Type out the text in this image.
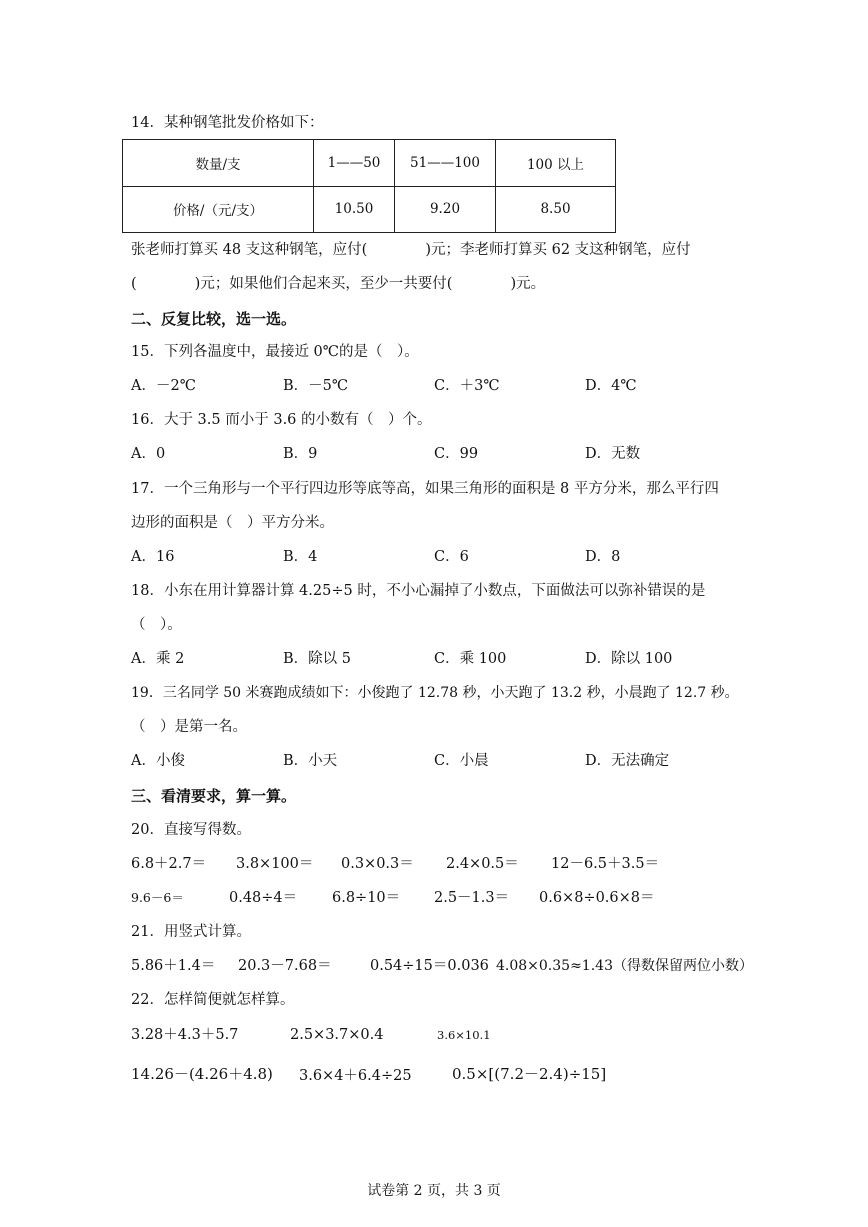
14．某种钢笔批发价格如下：
数量/支	1——50	51——100	100 以上
价格/（元/支）	10.50	9.20	8.50
张老师打算买 48 支这种钢笔，应付(　　　　)元；李老师打算买 62 支这种钢笔，应付
(　　　　)元；如果他们合起来买，至少一共要付(　　　　)元。
二、反复比较，选一选。
15．下列各温度中，最接近 0℃的是（　）。
A．－2℃	B．－5℃	C．＋3℃	D．4℃
16．大于 3.5 而小于 3.6 的小数有（　）个。
A．0	B．9	C．99	D．无数
17．一个三角形与一个平行四边形等底等高，如果三角形的面积是 8 平方分米，那么平行四
边形的面积是（　）平方分米。
A．16	B．4	C．6	D．8
18．小东在用计算器计算 4.25÷5 时，不小心漏掉了小数点，下面做法可以弥补错误的是
（　）。
A．乘 2	B．除以 5	C．乘 100	D．除以 100
19．三名同学 50 米赛跑成绩如下：小俊跑了 12.78 秒，小天跑了 13.2 秒，小晨跑了 12.7 秒。
（　）是第一名。
A．小俊	B．小天	C．小晨	D．无法确定
三、看清要求，算一算。
20．直接写得数。
6.8＋2.7＝ 3.8×100＝ 0.3×0.3＝ 2.4×0.5＝ 12－6.5＋3.5＝
9.6－6＝	0.48÷4＝ 6.8÷10＝ 2.5－1.3＝ 0.6×8÷0.6×8＝
21．用竖式计算。
5.86＋1.4＝ 20.3－7.68＝	0.54÷15＝0.036 4.08×0.35≈1.43（得数保留两位小数）
22．怎样简便就怎样算。
3.28＋4.3＋5.7	2.5×3.7×0.4	3.6×10.1
14.26－(4.26＋4.8) 3.6×4＋6.4÷25	0.5×[(7.2－2.4)÷15]
试卷第 2 页，共 3 页
